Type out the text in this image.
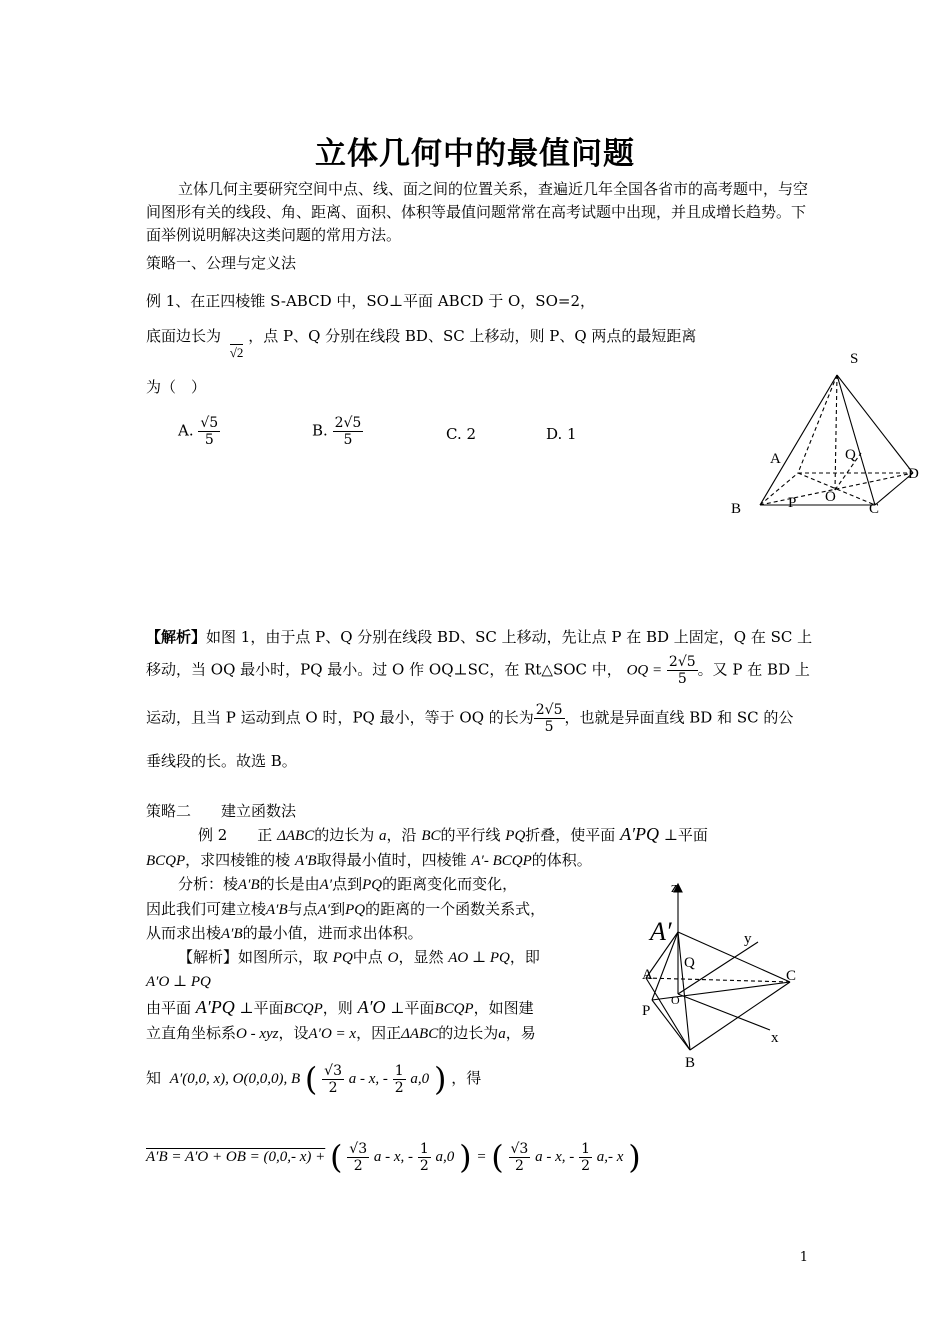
立体几何中的最值问题
立体几何主要研究空间中点、线、面之间的位置关系，查遍近几年全国各省市的高考题中，与空间图形有关的线段、角、距离、面积、体积等最值问题常常在高考试题中出现，并且成增长趋势。下面举例说明解决这类问题的常用方法。
策略一、公理与定义法
例 1、在正四棱锥 S-ABCD 中，SO⊥平面 ABCD 于 O，SO=2，
底面边长为 √2 ，点 P、Q 分别在线段 BD、SC 上移动，则 P、Q 两点的最短距离
为（　）
A. $\frac{√5}{5}$	B. $\frac{2√5}{5}$	C. 2	D. 1
S
A	Q
D
B	P O
C
【解析】如图 1，由于点 P、Q 分别在线段 BD、SC 上移动，先让点 P 在 BD 上固定，Q 在 SC 上
移动，当 OQ 最小时，PQ 最小。过 O 作 OQ⊥SC，在 Rt△SOC 中， OQ = $\frac{2√5}{5}$ 。又 P 在 BD 上
运动，且当 P 运动到点 O 时，PQ 最小，等于 OQ 的长为 $\frac{2√5}{5}$ ，也就是异面直线 BD 和 SC 的公
垂线段的长。故选 B。
策略二　　建立函数法
例 2　　正 ΔABC的边长为 a，沿 BC的平行线 PQ折叠，使平面 A′PQ ⊥平面
BCQP，求四棱锥的棱 A′B取得最小值时，四棱锥 A′- BCQP的体积。
分析：棱A′B的长是由A′点到PQ的距离变化而变化，
因此我们可建立棱A′B与点A′到PQ的距离的一个函数关系式，
从而求出棱A′B的最小值，进而求出体积。
【解析】如图所示，取 PQ中点 O，显然 AO ⊥ PQ，即
A′O ⊥ PQ
由平面 A′PQ ⊥平面BCQP，则 A′O ⊥平面BCQP，如图建
立直角坐标系O - xyz，设A′O = x，因正ΔABC的边长为a，易
知 A′(0,0, x), O(0,0,0), B ( $\frac{√3}{2}$ a - x, - $\frac{1}{2} a,0$ ) ，得
A′B = A′O + OB = (0,0,- x) + ( $\frac{√3}{2}$ a - x, - $\frac{1}{2} a,0$ ) = ( $\frac{√3}{2}$ a - x, - $\frac{1}{2} a,-$ x )
z
A′	y
Q
A	C
O
P
x
B
1
